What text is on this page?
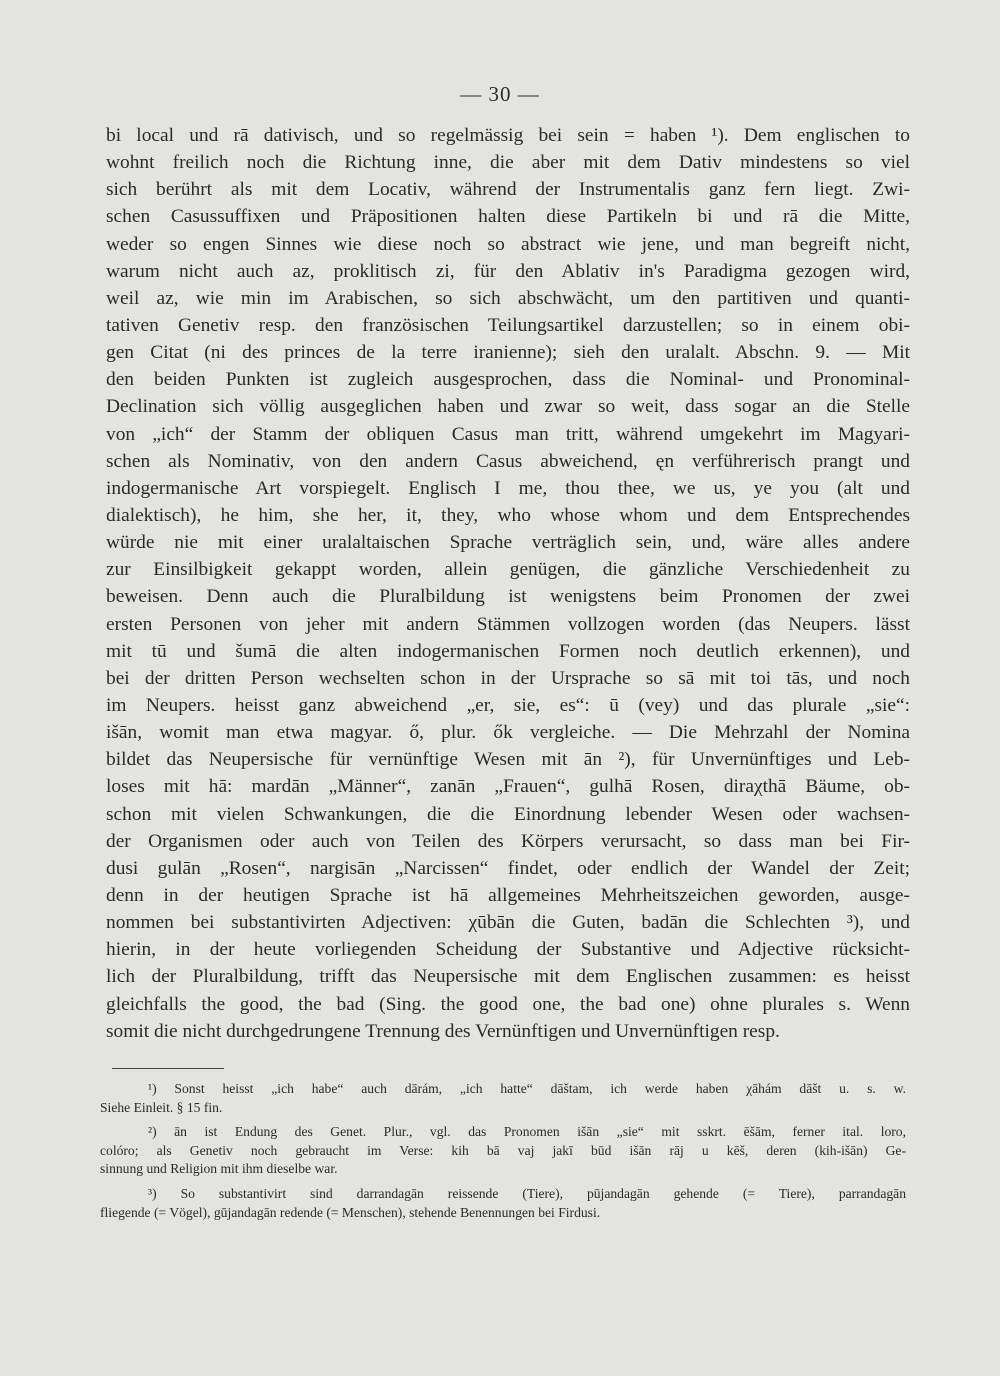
— 30 —
bi local und rā dativisch, und so regelmässig bei sein = haben ¹). Dem englischen to
wohnt freilich noch die Richtung inne, die aber mit dem Dativ mindestens so viel
sich berührt als mit dem Locativ, während der Instrumentalis ganz fern liegt. Zwi-
schen Casussuffixen und Präpositionen halten diese Partikeln bi und rā die Mitte,
weder so engen Sinnes wie diese noch so abstract wie jene, und man begreift nicht,
warum nicht auch az, proklitisch zi, für den Ablativ in's Paradigma gezogen wird,
weil az, wie min im Arabischen, so sich abschwächt, um den partitiven und quanti-
tativen Genetiv resp. den französischen Teilungsartikel darzustellen; so in einem obi-
gen Citat (ni des princes de la terre iranienne); sieh den uralalt. Abschn. 9. — Mit
den beiden Punkten ist zugleich ausgesprochen, dass die Nominal- und Pronominal-
Declination sich völlig ausgeglichen haben und zwar so weit, dass sogar an die Stelle
von „ich“ der Stamm der obliquen Casus man tritt, während umgekehrt im Magyari-
schen als Nominativ, von den andern Casus abweichend, ęn verführerisch prangt und
indogermanische Art vorspiegelt. Englisch I me, thou thee, we us, ye you (alt und
dialektisch), he him, she her, it, they, who whose whom und dem Entsprechendes
würde nie mit einer uralaltaischen Sprache verträglich sein, und, wäre alles andere
zur Einsilbigkeit gekappt worden, allein genügen, die gänzliche Verschiedenheit zu
beweisen. Denn auch die Pluralbildung ist wenigstens beim Pronomen der zwei
ersten Personen von jeher mit andern Stämmen vollzogen worden (das Neupers. lässt
mit tū und šumā die alten indogermanischen Formen noch deutlich erkennen), und
bei der dritten Person wechselten schon in der Ursprache so sā mit toi tās, und noch
im Neupers. heisst ganz abweichend „er, sie, es“: ū (vey) und das plurale „sie“:
išān, womit man etwa magyar. ő, plur. ők vergleiche. — Die Mehrzahl der Nomina
bildet das Neupersische für vernünftige Wesen mit ān ²), für Unvernünftiges und Leb-
loses mit hā: mardān „Männer“, zanān „Frauen“, gulhā Rosen, diraχthā Bäume, ob-
schon mit vielen Schwankungen, die die Einordnung lebender Wesen oder wachsen-
der Organismen oder auch von Teilen des Körpers verursacht, so dass man bei Fir-
dusi gulān „Rosen“, nargisān „Narcissen“ findet, oder endlich der Wandel der Zeit;
denn in der heutigen Sprache ist hā allgemeines Mehrheitszeichen geworden, ausge-
nommen bei substantivirten Adjectiven: χūbān die Guten, badān die Schlechten ³), und
hierin, in der heute vorliegenden Scheidung der Substantive und Adjective rücksicht-
lich der Pluralbildung, trifft das Neupersische mit dem Englischen zusammen: es heisst
gleichfalls the good, the bad (Sing. the good one, the bad one) ohne plurales s. Wenn
somit die nicht durchgedrungene Trennung des Vernünftigen und Unvernünftigen resp.
¹) Sonst heisst „ich habe“ auch dārám, „ich hatte“ dāštam, ich werde haben χāhám dāšt u. s. w.
Siehe Einleit. § 15 fin.
²) ān ist Endung des Genet. Plur., vgl. das Pronomen išān „sie“ mit sskrt. ēšām, ferner ital. loro,
colóro; als Genetiv noch gebraucht im Verse: kih bā vaj jakī būd išān rāj u kēš, deren (kih-išān) Ge-
sinnung und Religion mit ihm dieselbe war.
³) So substantivirt sind darrandagān reissende (Tiere), pūjandagān gehende (= Tiere), parrandagān
fliegende (= Vögel), gūjandagān redende (= Menschen), stehende Benennungen bei Firdusi.
